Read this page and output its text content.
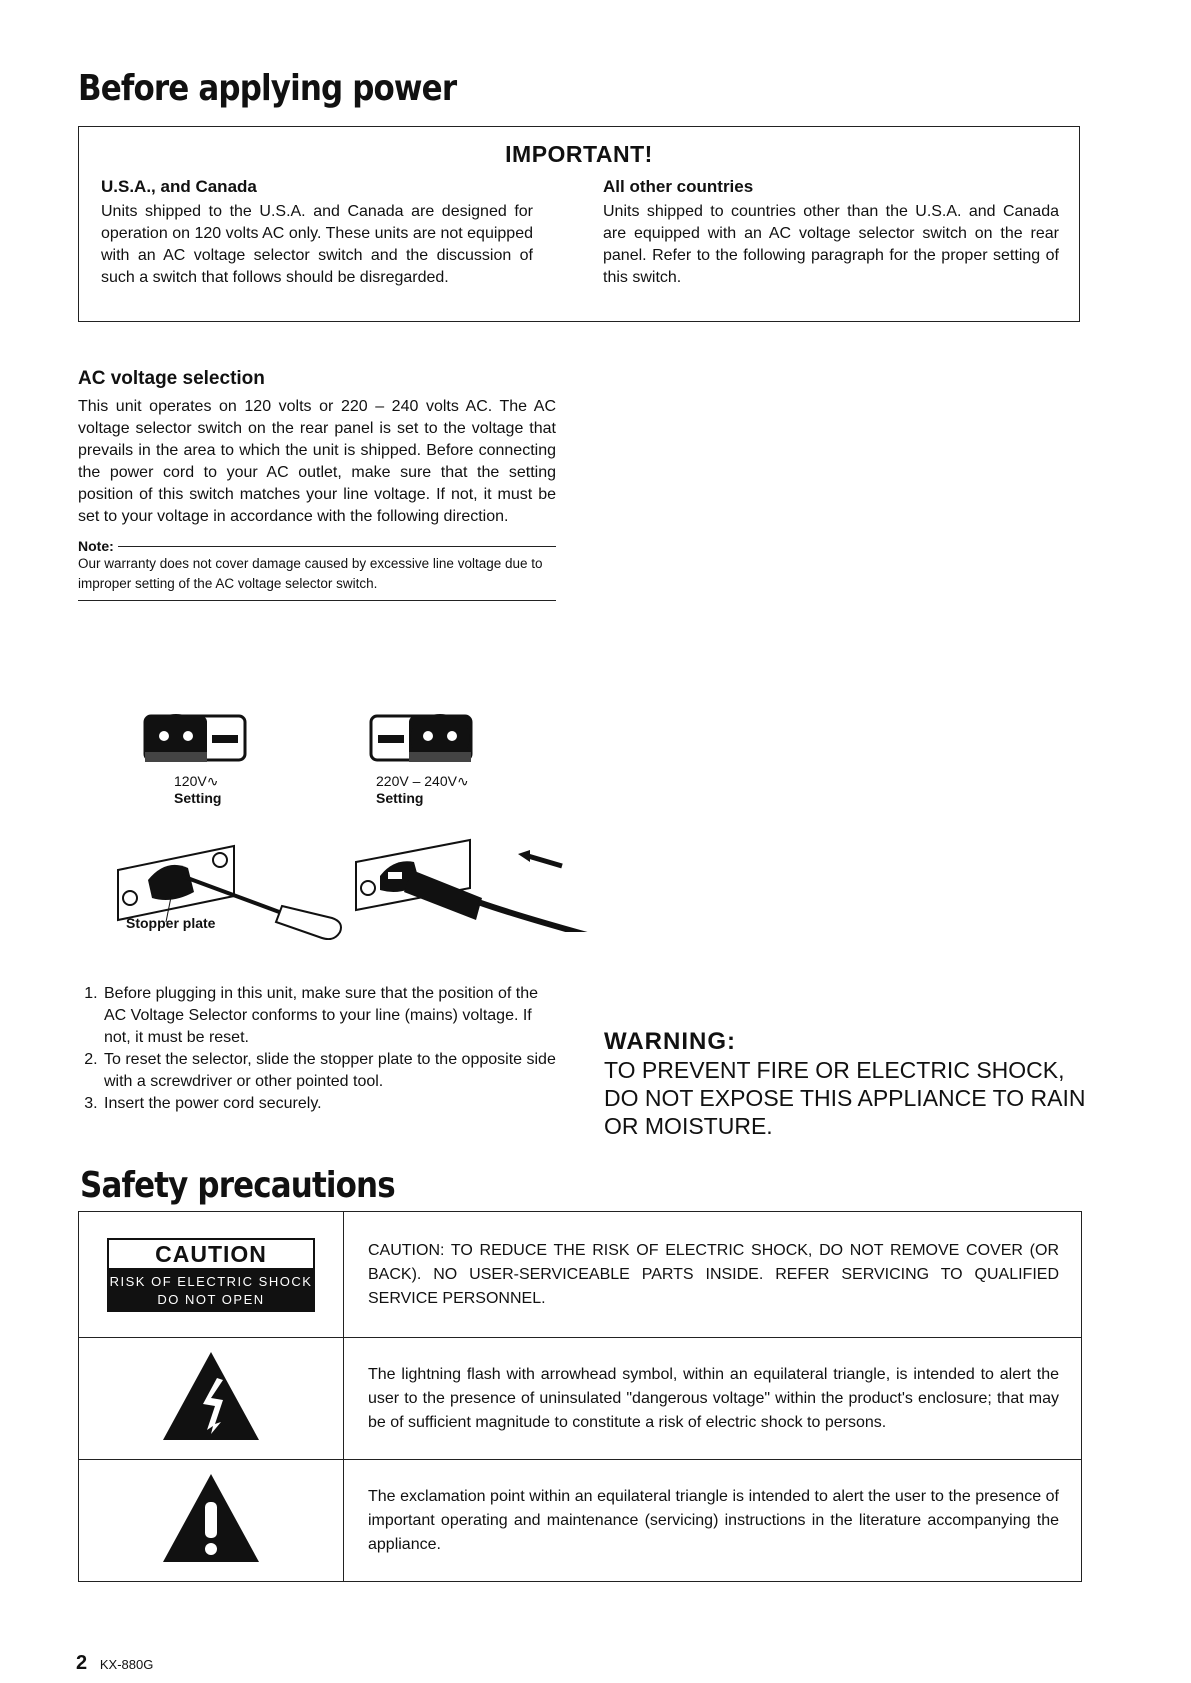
Before applying power
IMPORTANT!
U.S.A., and Canada
Units shipped to the U.S.A. and Canada are designed for operation on 120 volts AC only. These units are not equipped with an AC voltage selector switch and the discussion of such a switch that follows should be disregarded.
All other countries
Units shipped to countries other than the U.S.A. and Canada are equipped with an AC voltage selector switch on the rear panel. Refer to the following paragraph for the proper setting of this switch.
AC voltage selection
This unit operates on 120 volts or 220 – 240 volts AC. The AC voltage selector switch on the rear panel is set to the voltage that prevails in the area to which the unit is shipped. Before connecting the power cord to your AC outlet, make sure that the setting position of this switch matches your line voltage. If not, it must be set to your voltage in accordance with the following direction.
Note:
Our warranty does not cover damage caused by excessive line voltage due to improper setting of the AC voltage selector switch.
120V∿
Setting
220V – 240V∿
Setting
Stopper plate
1. Before plugging in this unit, make sure that the position of the AC Voltage Selector conforms to your line (mains) voltage. If not, it must be reset.
2. To reset the selector, slide the stopper plate to the opposite side with a screwdriver or other pointed tool.
3. Insert the power cord securely.
WARNING:
TO PREVENT FIRE OR ELECTRIC SHOCK, DO NOT EXPOSE THIS APPLIANCE TO RAIN OR MOISTURE.
Safety precautions
CAUTION
RISK OF ELECTRIC SHOCK
DO NOT OPEN	CAUTION: TO REDUCE THE RISK OF ELECTRIC SHOCK, DO NOT REMOVE COVER (OR BACK). NO USER-SERVICEABLE PARTS INSIDE. REFER SERVICING TO QUALIFIED SERVICE PERSONNEL.
	The lightning flash with arrowhead symbol, within an equilateral triangle, is intended to alert the user to the presence of uninsulated "dangerous voltage" within the product's enclosure; that may be of sufficient magnitude to constitute a risk of electric shock to persons.
	The exclamation point within an equilateral triangle is intended to alert the user to the presence of important operating and maintenance (servicing) instructions in the literature accompanying the appliance.
2 KX-880G
